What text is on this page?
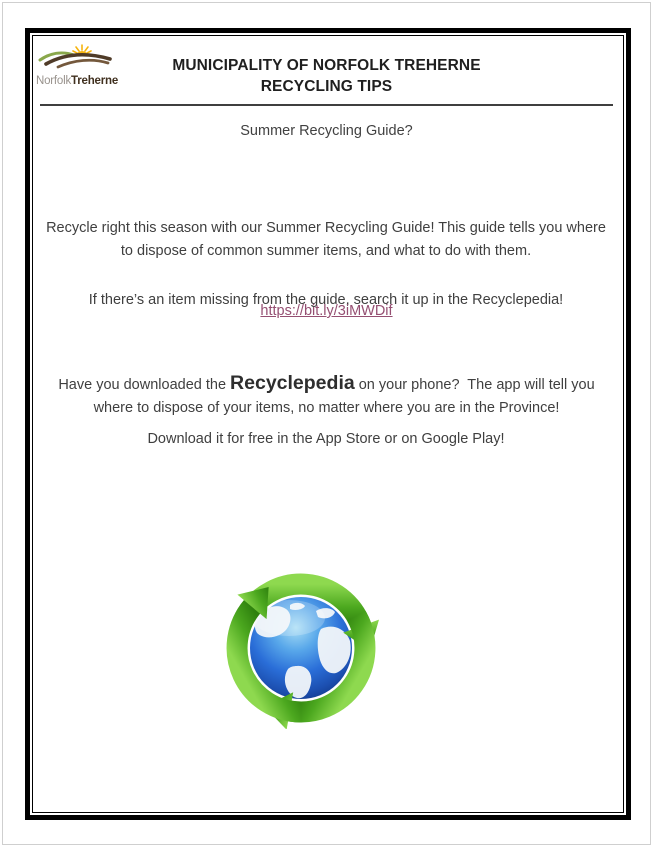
NorfolkTreherne
MUNICIPALITY OF NORFOLK TREHERNE
RECYCLING TIPS
Summer Recycling Guide?

Recycle right this season with our Summer Recycling Guide! This guide tells you where to dispose of common summer items, and what to do with them.

If there’s an item missing from the guide, search it up in the Recyclepedia!

https://bit.ly/3iMWDif

Have you downloaded the Recyclepedia on your phone?  The app will tell you where to dispose of your items, no matter where you are in the Province!

Download it for free in the App Store or on Google Play!
